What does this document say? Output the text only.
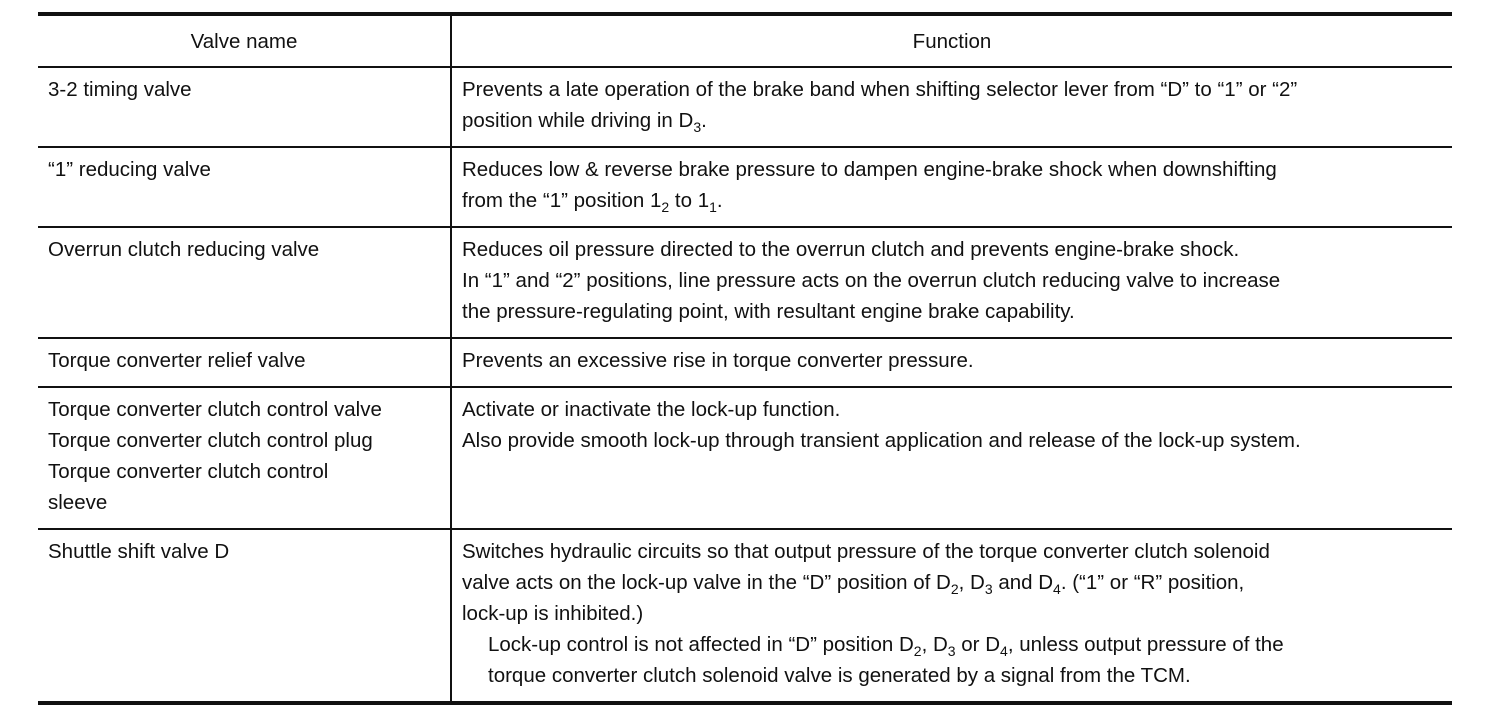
Valve name	Function

3-2 timing valve	Prevents a late operation of the brake band when shifting selector lever from “D” to “1” or “2”
position while driving in $D_3$.

“1” reducing valve	Reduces low & reverse brake pressure to dampen engine-brake shock when downshifting
from the “1” position $1_2$ to $1_1$.

Overrun clutch reducing valve	Reduces oil pressure directed to the overrun clutch and prevents engine-brake shock.
In “1” and “2” positions, line pressure acts on the overrun clutch reducing valve to increase
the pressure-regulating point, with resultant engine brake capability.

Torque converter relief valve	Prevents an excessive rise in torque converter pressure.

Torque converter clutch control valve
Torque converter clutch control plug
Torque converter clutch control
sleeve	Activate or inactivate the lock-up function.
Also provide smooth lock-up through transient application and release of the lock-up system.

Shuttle shift valve D	Switches hydraulic circuits so that output pressure of the torque converter clutch solenoid
valve acts on the lock-up valve in the “D” position of $D_2$, $D_3$ and $D_4$. (“1” or “R” position,
lock-up is inhibited.)
Lock-up control is not affected in “D” position $D_2$, $D_3$ or $D_4$, unless output pressure of the
torque converter clutch solenoid valve is generated by a signal from the TCM.
